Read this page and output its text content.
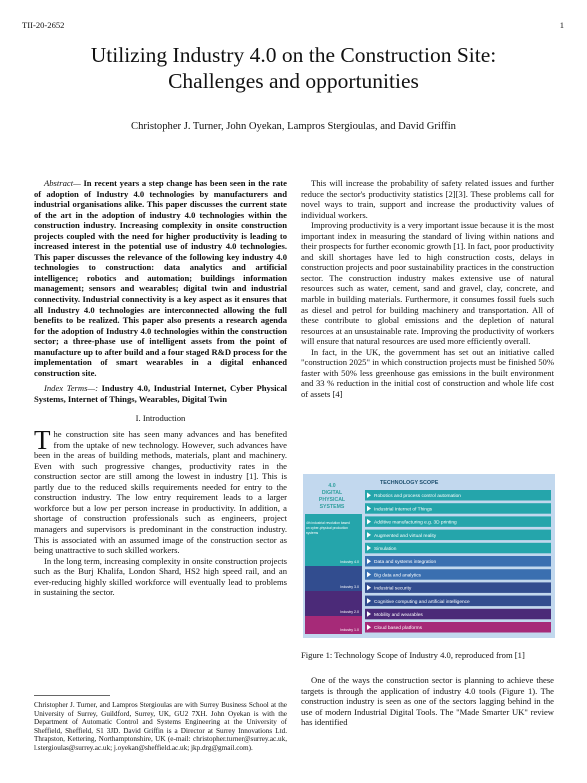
TII-20-2652	1
Utilizing Industry 4.0 on the Construction Site:
Challenges and opportunities
Christopher J. Turner, John Oyekan, Lampros Stergioulas, and David Griffin

Abstract— In recent years a step change has been seen in the rate of adoption of Industry 4.0 technologies by manufacturers and industrial organisations alike. This paper discusses the current state of the art in the adoption of industry 4.0 technologies within the construction industry. Increasing complexity in onsite construction projects coupled with the need for higher productivity is leading to increased interest in the potential use of industry 4.0 technologies. This paper discusses the relevance of the following key industry 4.0 technologies to construction: data analytics and artificial intelligence; robotics and automation; buildings information management; sensors and wearables; digital twin and industrial connectivity. Industrial connectivity is a key aspect as it ensures that all Industry 4.0 technologies are interconnected allowing the full benefits to be realized. This paper also presents a research agenda for the adoption of Industry 4.0 technologies within the construction sector; a three-phase use of intelligent assets from the point of manufacture up to after build and a four staged R&D process for the implementation of smart wearables in a digital enhanced construction site.

Index Terms—: Industry 4.0, Industrial Internet, Cyber Physical Systems, Internet of Things, Wearables, Digital Twin

I. Introduction

The construction site has seen many advances and has benefited from the uptake of new technology. However, such advances have been in the areas of building methods, materials, plant and machinery. Even with such progressive changes, productivity rates in the construction sector are still among the lowest in industry [1]. This is partly due to the reduced skills requirements needed for entry to the construction industry. The low entry requirement leads to a larger workforce but a low per person increase in productivity. In addition, a shortage of construction professionals such as engineers, project managers and supervisors is predominant in the construction industry. This is associated with an assumed image of the construction sector as being unattractive to such skilled workers.

In the long term, increasing complexity in onsite construction projects such as the Burj Khalifa, London Shard, HS2 high speed rail, and an ever-reducing highly skilled workforce will eventually lead to problems in sustaining the sector.

Christopher J. Turner, and Lampros Stergioulas are with Surrey Business School at the University of Surrey, Guildford, Surrey, UK, GU2 7XH. John Oyekan is with the Department of Automatic Control and Systems Engineering at the University of Sheffield, Sheffield, S1 3JD. David Griffin is a Director at Surrey Innovations Ltd. Thrapston, Kettering, Northamptonshire, UK (e-mail: christopher.turner@surrey.ac.uk, l.stergioulas@surrey.ac.uk; j.oyekan@sheffield.ac.uk; jkp.drg@gmail.com).

This will increase the probability of safety related issues and further reduce the sector's productivity statistics [2][3]. These problems call for novel ways to train, support and increase the productivity values of individual workers.

Improving productivity is a very important issue because it is the most important index in measuring the standard of living within nations and their prospects for further economic growth [1]. In fact, poor productivity and skill shortages have led to high construction costs, delays in construction projects and poor sustainability practices in the construction sector. The construction industry makes extensive use of natural resources such as water, cement, sand and gravel, clay, concrete, and marble in building materials. Furthermore, it consumes fossil fuels such as diesel and petrol for building machinery and transportation. All of these contribute to global emissions and the depletion of natural resources at an unsustainable rate. Improving the productivity of workers will ensure that natural resources are used more efficiently overall.

In fact, in the UK, the government has set out an initiative called "construction 2025" in which construction projects must be finished 50% faster with 50% less greenhouse gas emissions in the built environment and 33 % reduction in the initial cost of construction and whole life cost of assets [4]

4.0
DIGITAL
PHYSICAL
SYSTEMS
TECHNOLOGY SCOPE
Robotics and process control automation
Industrial Internet of Things
Additive manufacturing e.g. 3D printing
Augmented and virtual reality
Simulation
Data and systems integration
Big data and analytics
Industrial security
Cognitive computing and artificial intelligence
Mobility and wearables
Cloud based platforms
Industry 4.0
Industry 3.0
Industry 2.0
Industry 1.0
4th industrial revolution based
on cyber-physical production
systems
Figure 1: Technology Scope of Industry 4.0, reproduced from [1]
One of the ways the construction sector is planning to achieve these targets is through the application of industry 4.0 tools (Figure 1). The construction industry is seen as one of the sectors lagging behind in the use of modern Industrial Digital Tools. The "Made Smarter UK" review has identified
